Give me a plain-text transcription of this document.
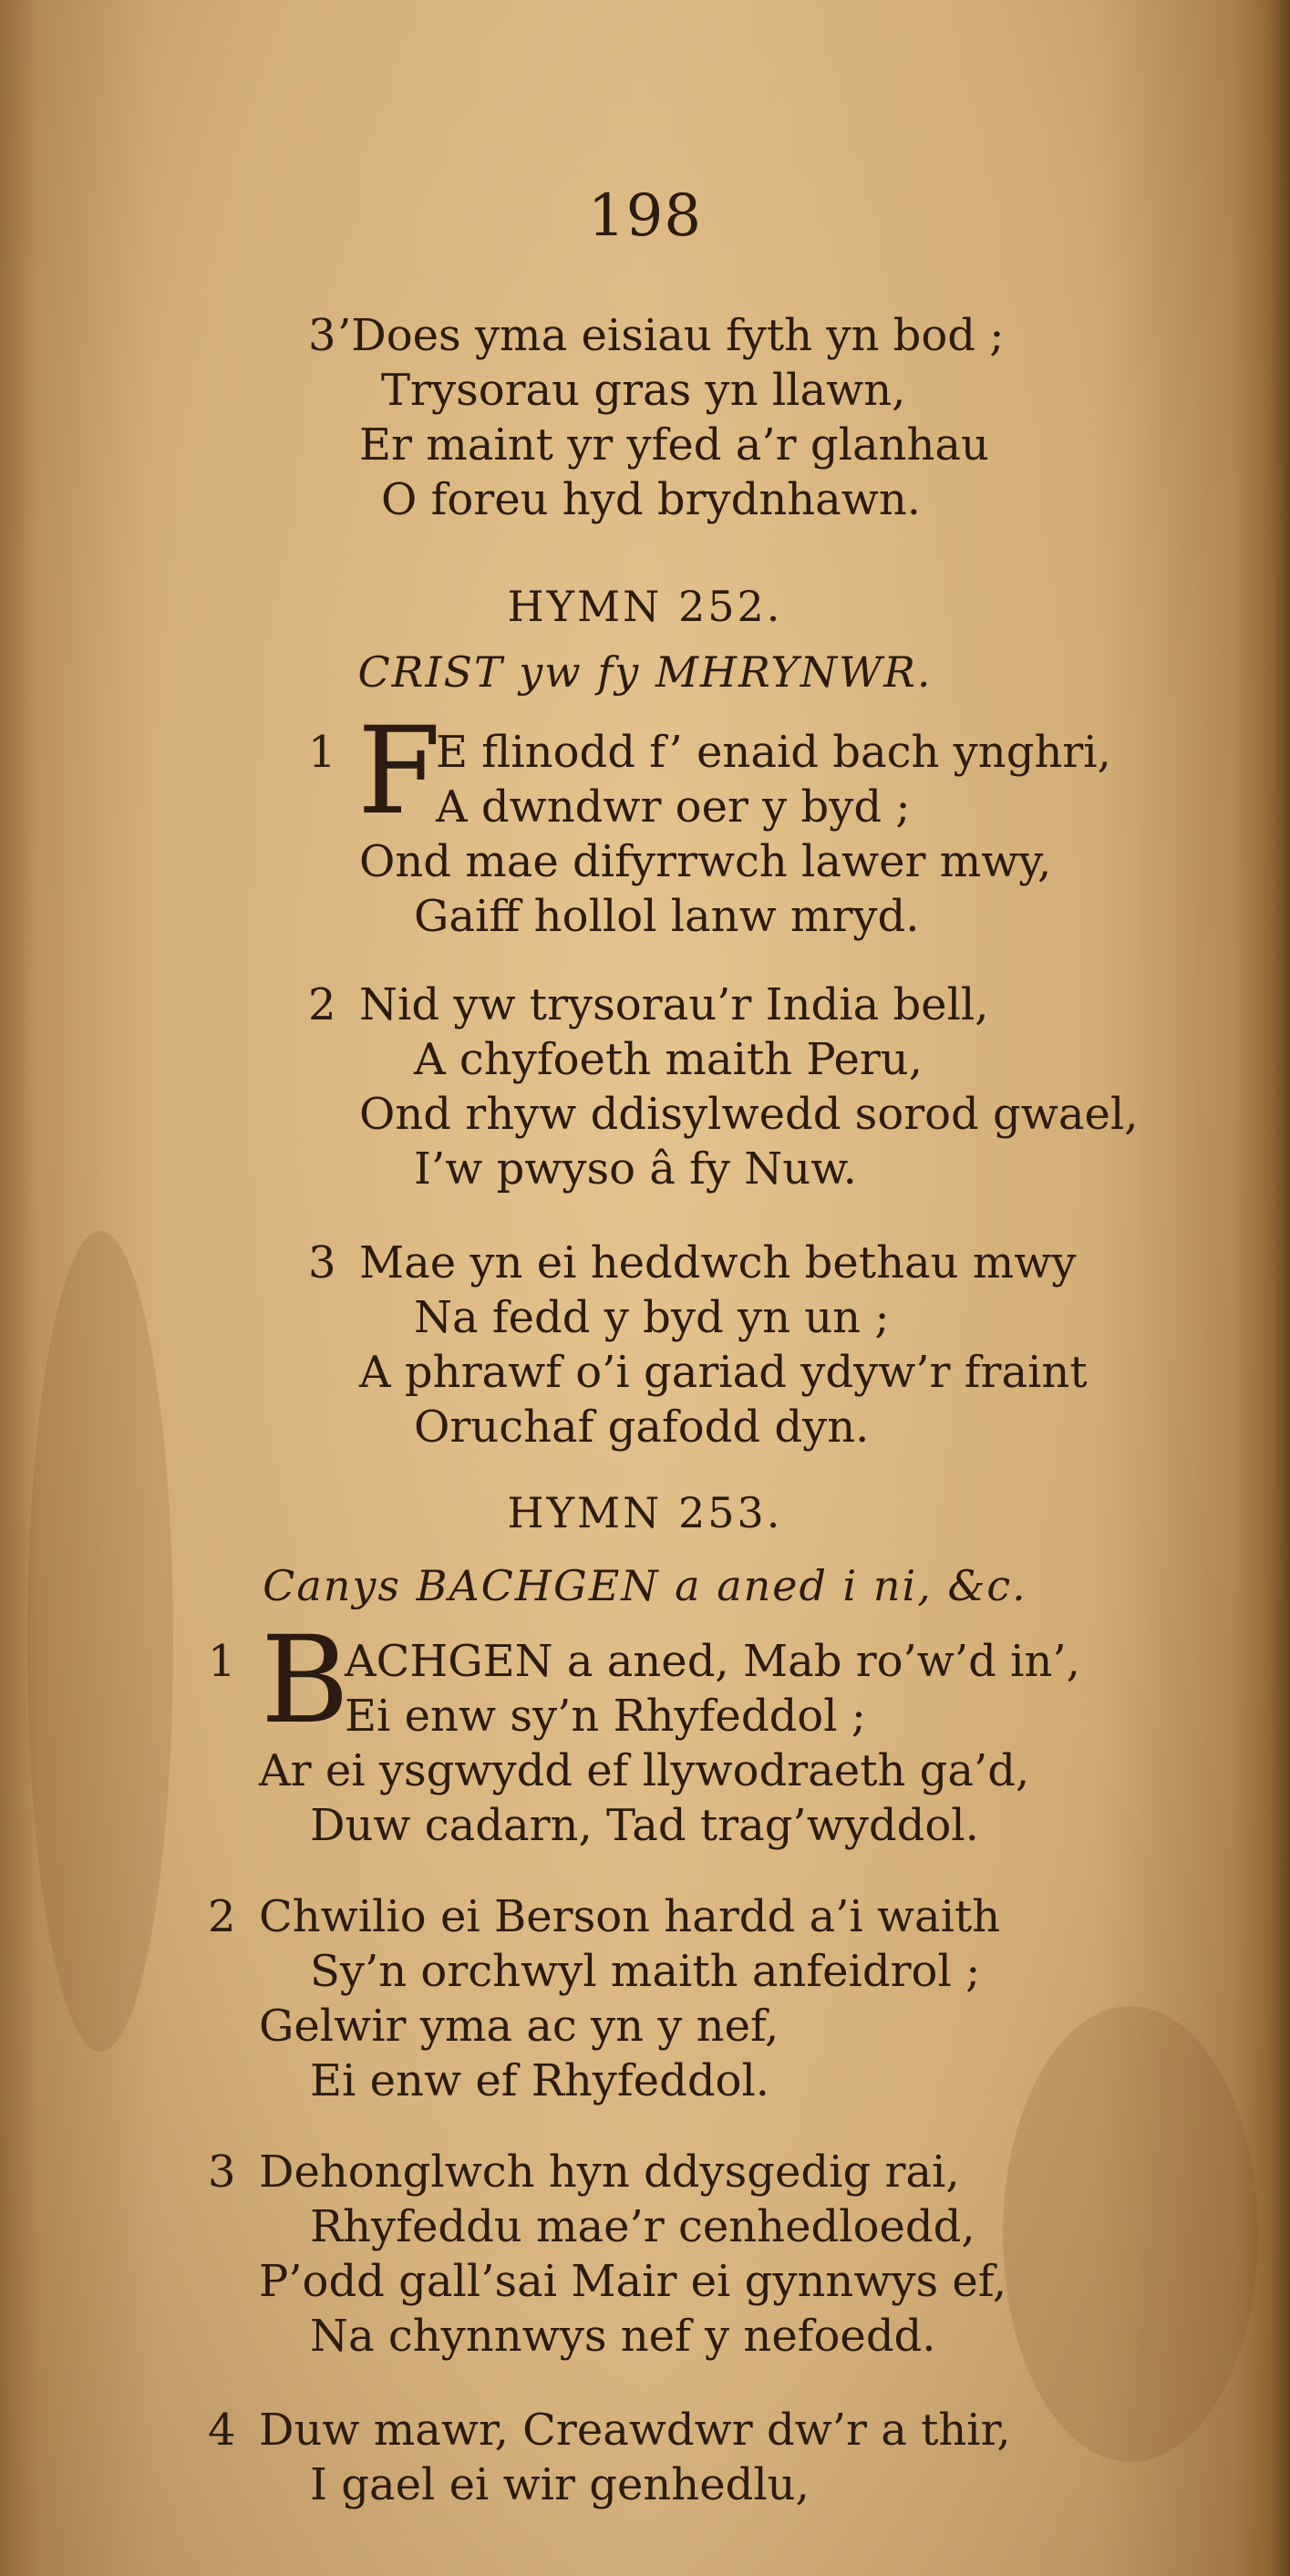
198
3 ’Does yma eisiau fyth yn bod ;
Trysorau gras yn llawn,
Er maint yr yfed a’r glanhau
O foreu hyd brydnhawn.
HYMN 252.
CRIST yw fy MHRYNWR.
1 F
E flinodd f’ enaid bach ynghri,
A dwndwr oer y byd ;
Ond mae difyrrwch lawer mwy,
Gaiff hollol lanw mryd.
2 Nid yw trysorau’r India bell,
A chyfoeth maith Peru,
Ond rhyw ddisylwedd sorod gwael,
I’w pwyso â fy Nuw.
3 Mae yn ei heddwch bethau mwy
Na fedd y byd yn un ;
A phrawf o’i gariad ydyw’r fraint
Oruchaf gafodd dyn.
HYMN 253.
Canys BACHGEN a aned i ni, &c.
1 B
ACHGEN a aned, Mab ro’w’d in’,
Ei enw sy’n Rhyfeddol ;
Ar ei ysgwydd ef llywodraeth ga’d,
Duw cadarn, Tad trag’wyddol.
2 Chwilio ei Berson hardd a’i waith
Sy’n orchwyl maith anfeidrol ;
Gelwir yma ac yn y nef,
Ei enw ef Rhyfeddol.
3 Dehonglwch hyn ddysgedig rai,
Rhyfeddu mae’r cenhedloedd,
P’odd gall’sai Mair ei gynnwys ef,
Na chynnwys nef y nefoedd.
4 Duw mawr, Creawdwr dw’r a thir,
I gael ei wir genhedlu,
